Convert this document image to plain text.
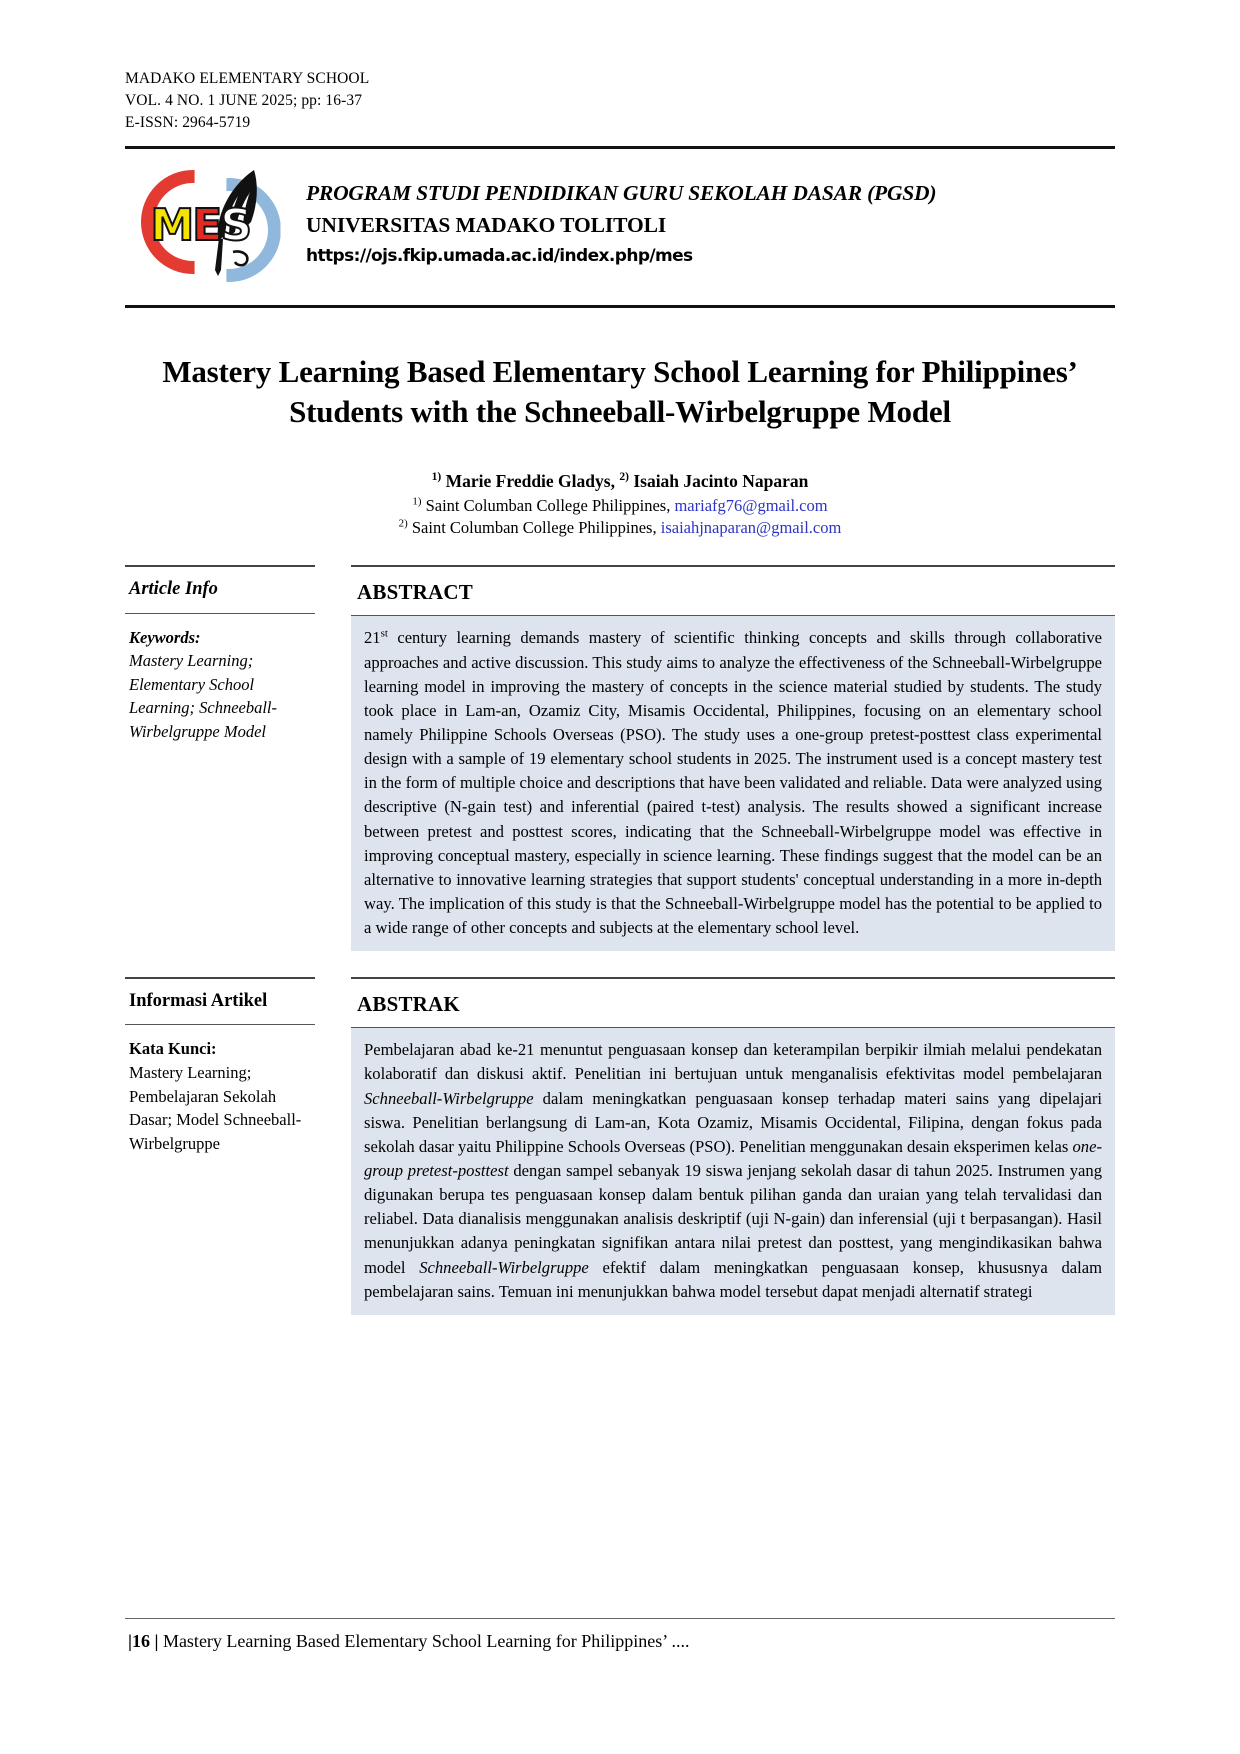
MADAKO ELEMENTARY SCHOOL
VOL. 4 NO. 1 JUNE 2025; pp: 16-37
E-ISSN: 2964-5719
MES
PROGRAM STUDI PENDIDIKAN GURU SEKOLAH DASAR (PGSD)
UNIVERSITAS MADAKO TOLITOLI
https://ojs.fkip.umada.ac.id/index.php/mes
Mastery Learning Based Elementary School Learning for Philippines’ Students with the Schneeball-Wirbelgruppe Model
$^{1)}$ Marie Freddie Gladys, $^{2)}$ Isaiah Jacinto Naparan
$^{1)}$ Saint Columban College Philippines, mariafg76@gmail.com
$^{2)}$ Saint Columban College Philippines, isaiahjnaparan@gmail.com
Article Info
Keywords:
Mastery Learning; Elementary School Learning; Schneeball-Wirbelgruppe Model
ABSTRACT
21st century learning demands mastery of scientific thinking concepts and skills through collaborative approaches and active discussion. This study aims to analyze the effectiveness of the Schneeball-Wirbelgruppe learning model in improving the mastery of concepts in the science material studied by students. The study took place in Lam-an, Ozamiz City, Misamis Occidental, Philippines, focusing on an elementary school namely Philippine Schools Overseas (PSO). The study uses a one-group pretest-posttest class experimental design with a sample of 19 elementary school students in 2025. The instrument used is a concept mastery test in the form of multiple choice and descriptions that have been validated and reliable. Data were analyzed using descriptive (N-gain test) and inferential (paired t-test) analysis. The results showed a significant increase between pretest and posttest scores, indicating that the Schneeball-Wirbelgruppe model was effective in improving conceptual mastery, especially in science learning. These findings suggest that the model can be an alternative to innovative learning strategies that support students' conceptual understanding in a more in-depth way. The implication of this study is that the Schneeball-Wirbelgruppe model has the potential to be applied to a wide range of other concepts and subjects at the elementary school level.
Informasi Artikel
Kata Kunci:
Mastery Learning; Pembelajaran Sekolah Dasar; Model Schneeball-Wirbelgruppe
ABSTRAK
Pembelajaran abad ke-21 menuntut penguasaan konsep dan keterampilan berpikir ilmiah melalui pendekatan kolaboratif dan diskusi aktif. Penelitian ini bertujuan untuk menganalisis efektivitas model pembelajaran Schneeball-Wirbelgruppe dalam meningkatkan penguasaan konsep terhadap materi sains yang dipelajari siswa. Penelitian berlangsung di Lam-an, Kota Ozamiz, Misamis Occidental, Filipina, dengan fokus pada sekolah dasar yaitu Philippine Schools Overseas (PSO). Penelitian menggunakan desain eksperimen kelas one-group pretest-posttest dengan sampel sebanyak 19 siswa jenjang sekolah dasar di tahun 2025. Instrumen yang digunakan berupa tes penguasaan konsep dalam bentuk pilihan ganda dan uraian yang telah tervalidasi dan reliabel. Data dianalisis menggunakan analisis deskriptif (uji N-gain) dan inferensial (uji t berpasangan). Hasil menunjukkan adanya peningkatan signifikan antara nilai pretest dan posttest, yang mengindikasikan bahwa model Schneeball-Wirbelgruppe efektif dalam meningkatkan penguasaan konsep, khususnya dalam pembelajaran sains. Temuan ini menunjukkan bahwa model tersebut dapat menjadi alternatif strategi
|16 | Mastery Learning Based Elementary School Learning for Philippines’ ....
